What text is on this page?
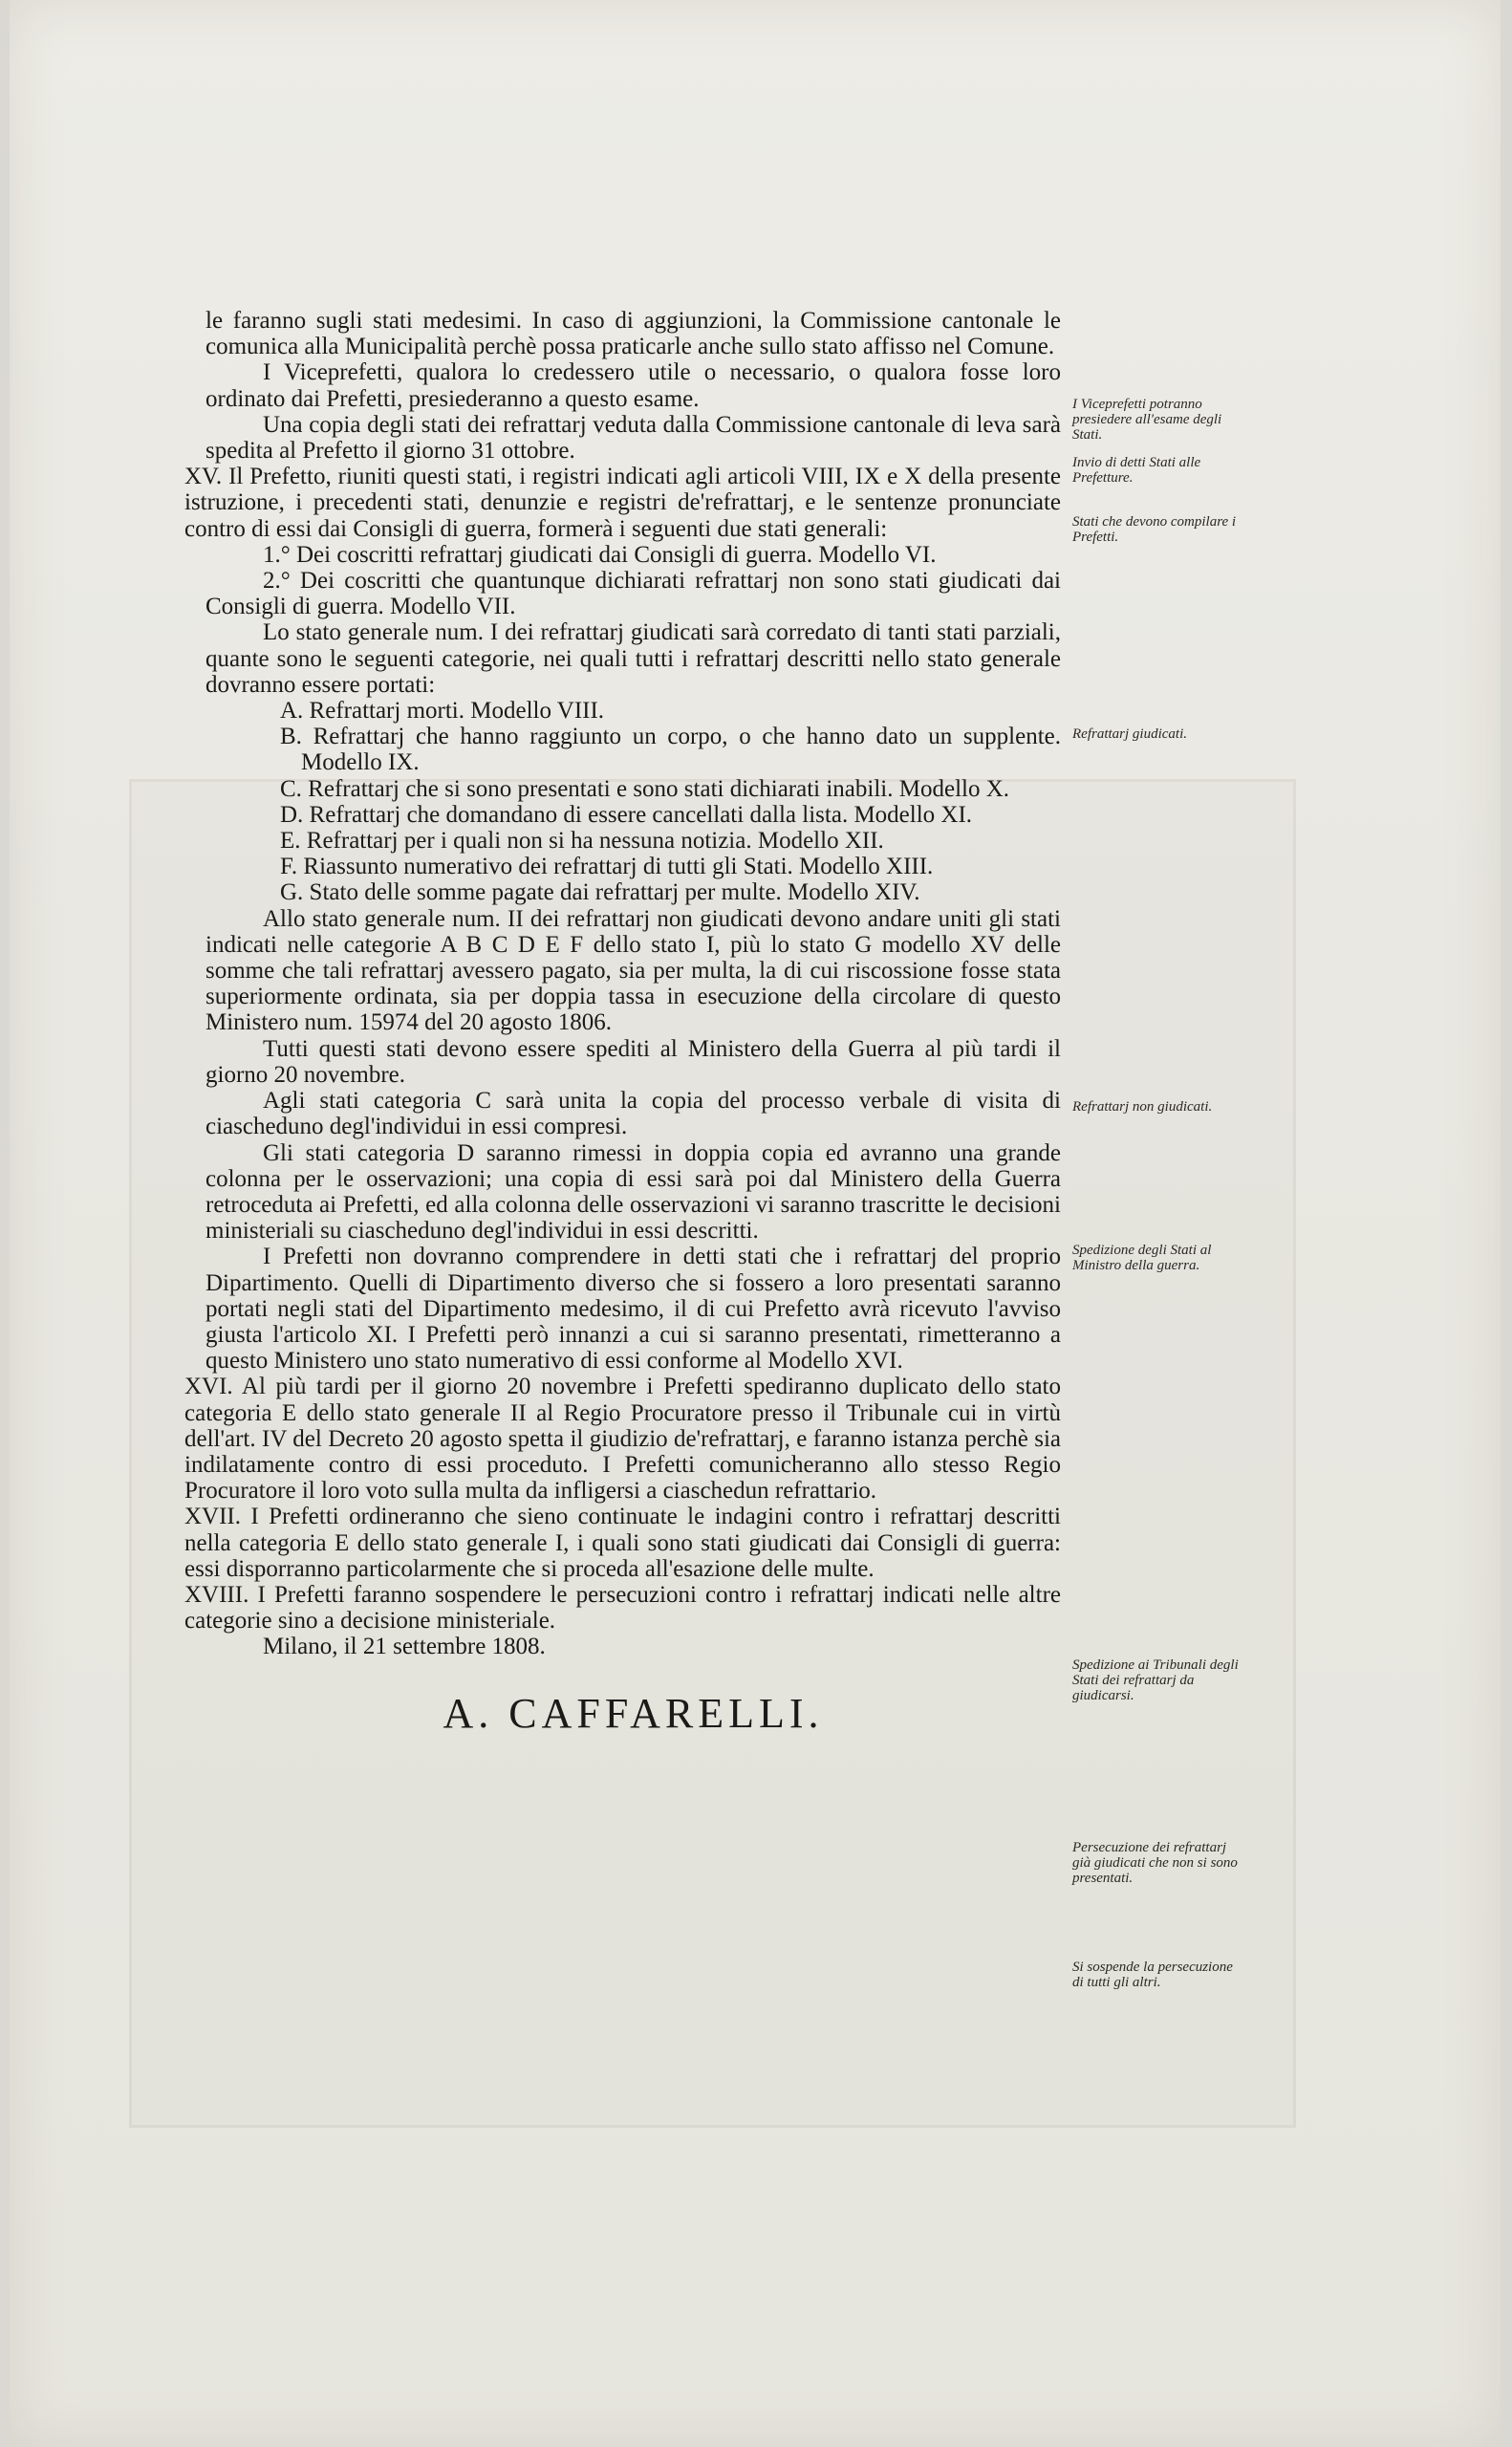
le faranno sugli stati medesimi. In caso di aggiunzioni, la Commissione cantonale le comunica alla Municipalità perchè possa praticarle anche sullo stato affisso nel Comune.

I Viceprefetti, qualora lo credessero utile o necessario, o qualora fosse loro ordinato dai Prefetti, presiederanno a questo esame.

Una copia degli stati dei refrattarj veduta dalla Commissione cantonale di leva sarà spedita al Prefetto il giorno 31 ottobre.

XV. Il Prefetto, riuniti questi stati, i registri indicati agli articoli VIII, IX e X della presente istruzione, i precedenti stati, denunzie e registri de'refrattarj, e le sentenze pronunciate contro di essi dai Consigli di guerra, formerà i seguenti due stati generali:

1.° Dei coscritti refrattarj giudicati dai Consigli di guerra. Modello VI.

2.° Dei coscritti che quantunque dichiarati refrattarj non sono stati giudicati dai Consigli di guerra. Modello VII.

Lo stato generale num. I dei refrattarj giudicati sarà corredato di tanti stati parziali, quante sono le seguenti categorie, nei quali tutti i refrattarj descritti nello stato generale dovranno essere portati:

A. Refrattarj morti. Modello VIII.

B. Refrattarj che hanno raggiunto un corpo, o che hanno dato un supplente. Modello IX.

C. Refrattarj che si sono presentati e sono stati dichiarati inabili. Modello X.

D. Refrattarj che domandano di essere cancellati dalla lista. Modello XI.

E. Refrattarj per i quali non si ha nessuna notizia. Modello XII.

F. Riassunto numerativo dei refrattarj di tutti gli Stati. Modello XIII.

G. Stato delle somme pagate dai refrattarj per multe. Modello XIV.

Allo stato generale num. II dei refrattarj non giudicati devono andare uniti gli stati indicati nelle categorie A B C D E F dello stato I, più lo stato G modello XV delle somme che tali refrattarj avessero pagato, sia per multa, la di cui riscossione fosse stata superiormente ordinata, sia per doppia tassa in esecuzione della circolare di questo Ministero num. 15974 del 20 agosto 1806.

Tutti questi stati devono essere spediti al Ministero della Guerra al più tardi il giorno 20 novembre.

Agli stati categoria C sarà unita la copia del processo verbale di visita di ciascheduno degl'individui in essi compresi.

Gli stati categoria D saranno rimessi in doppia copia ed avranno una grande colonna per le osservazioni; una copia di essi sarà poi dal Ministero della Guerra retroceduta ai Prefetti, ed alla colonna delle osservazioni vi saranno trascritte le decisioni ministeriali su ciascheduno degl'individui in essi descritti.

I Prefetti non dovranno comprendere in detti stati che i refrattarj del proprio Dipartimento. Quelli di Dipartimento diverso che si fossero a loro presentati saranno portati negli stati del Dipartimento medesimo, il di cui Prefetto avrà ricevuto l'avviso giusta l'articolo XI. I Prefetti però innanzi a cui si saranno presentati, rimetteranno a questo Ministero uno stato numerativo di essi conforme al Modello XVI.

XVI. Al più tardi per il giorno 20 novembre i Prefetti spediranno duplicato dello stato categoria E dello stato generale II al Regio Procuratore presso il Tribunale cui in virtù dell'art. IV del Decreto 20 agosto spetta il giudizio de'refrattarj, e faranno istanza perchè sia indilatamente contro di essi proceduto. I Prefetti comunicheranno allo stesso Regio Procuratore il loro voto sulla multa da infligersi a ciaschedun refrattario.

XVII. I Prefetti ordineranno che sieno continuate le indagini contro i refrattarj descritti nella categoria E dello stato generale I, i quali sono stati giudicati dai Consigli di guerra: essi disporranno particolarmente che si proceda all'esazione delle multe.

XVIII. I Prefetti faranno sospendere le persecuzioni contro i refrattarj indicati nelle altre categorie sino a decisione ministeriale.

Milano, il 21 settembre 1808.

A. CAFFARELLI.

I Viceprefetti potranno presiedere all'esame degli Stati.
Invio di detti Stati alle Prefetture.
Stati che devono compilare i Prefetti.
Refrattarj giudicati.
Refrattarj non giudicati.
Spedizione degli Stati al Ministro della guerra.
Spedizione ai Tribunali degli Stati dei refrattarj da giudicarsi.
Persecuzione dei refrattarj già giudicati che non si sono presentati.
Si sospende la persecuzione di tutti gli altri.
